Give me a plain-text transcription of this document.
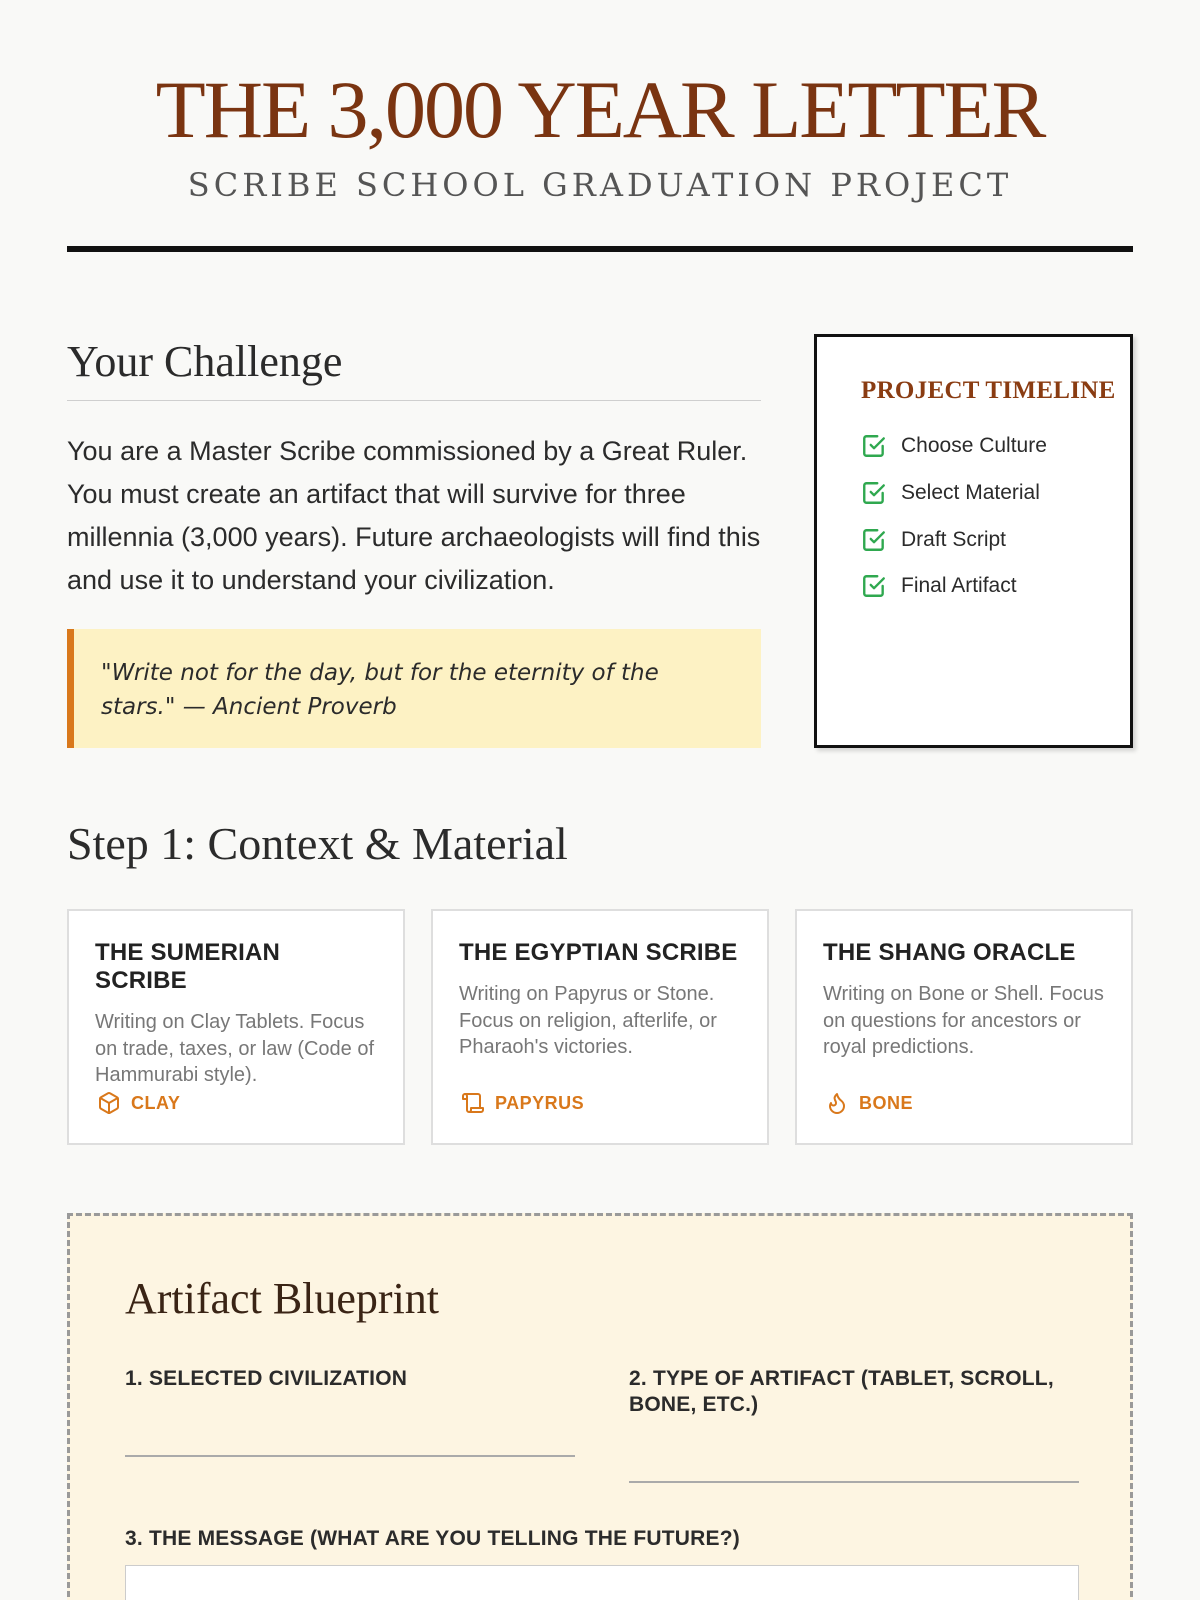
THE 3,000 YEAR LETTER
SCRIBE SCHOOL GRADUATION PROJECT
Your Challenge
You are a Master Scribe commissioned by a Great Ruler. You must create an artifact that will survive for three millennia (3,000 years). Future archaeologists will find this and use it to understand your civilization.
"Write not for the day, but for the eternity of the stars." — Ancient Proverb
PROJECT TIMELINE
Choose Culture
Select Material
Draft Script
Final Artifact
Step 1: Context & Material
THE SUMERIAN SCRIBE
Writing on Clay Tablets. Focus on trade, taxes, or law (Code of Hammurabi style).
CLAY
THE EGYPTIAN SCRIBE
Writing on Papyrus or Stone. Focus on religion, afterlife, or Pharaoh's victories.
PAPYRUS
THE SHANG ORACLE
Writing on Bone or Shell. Focus on questions for ancestors or royal predictions.
BONE
Artifact Blueprint
1. SELECTED CIVILIZATION	2. TYPE OF ARTIFACT (TABLET, SCROLL, BONE, ETC.)
3. THE MESSAGE (WHAT ARE YOU TELLING THE FUTURE?)
